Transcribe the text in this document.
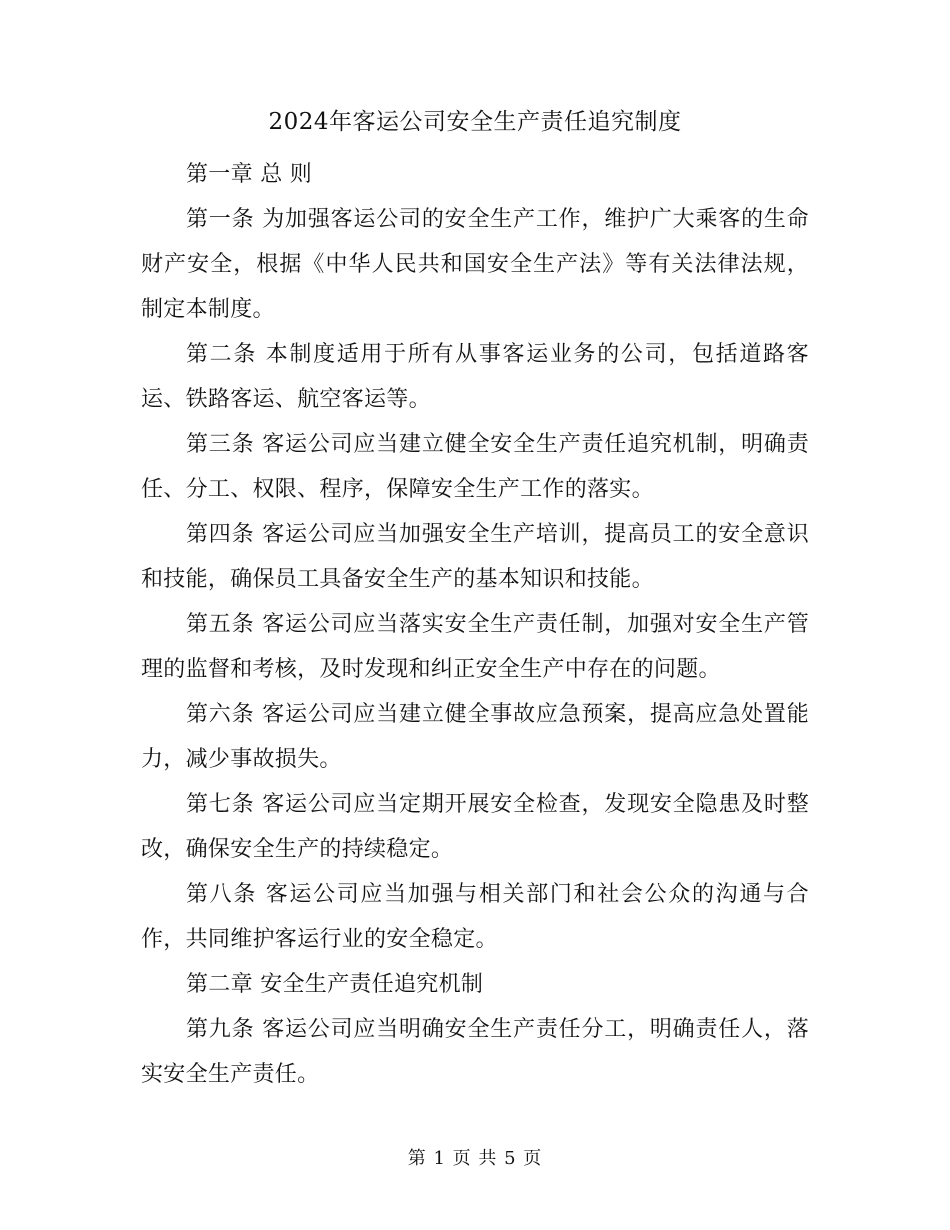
2024年客运公司安全生产责任追究制度

第一章 总 则

第一条 为加强客运公司的安全生产工作，维护广大乘客的生命财产安全，根据《中华人民共和国安全生产法》等有关法律法规，制定本制度。

第二条 本制度适用于所有从事客运业务的公司，包括道路客运、铁路客运、航空客运等。

第三条 客运公司应当建立健全安全生产责任追究机制，明确责任、分工、权限、程序，保障安全生产工作的落实。

第四条 客运公司应当加强安全生产培训，提高员工的安全意识和技能，确保员工具备安全生产的基本知识和技能。

第五条 客运公司应当落实安全生产责任制，加强对安全生产管理的监督和考核，及时发现和纠正安全生产中存在的问题。

第六条 客运公司应当建立健全事故应急预案，提高应急处置能力，减少事故损失。

第七条 客运公司应当定期开展安全检查，发现安全隐患及时整改，确保安全生产的持续稳定。

第八条 客运公司应当加强与相关部门和社会公众的沟通与合作，共同维护客运行业的安全稳定。

第二章 安全生产责任追究机制

第九条 客运公司应当明确安全生产责任分工，明确责任人，落实安全生产责任。

第 1 页 共 5 页
